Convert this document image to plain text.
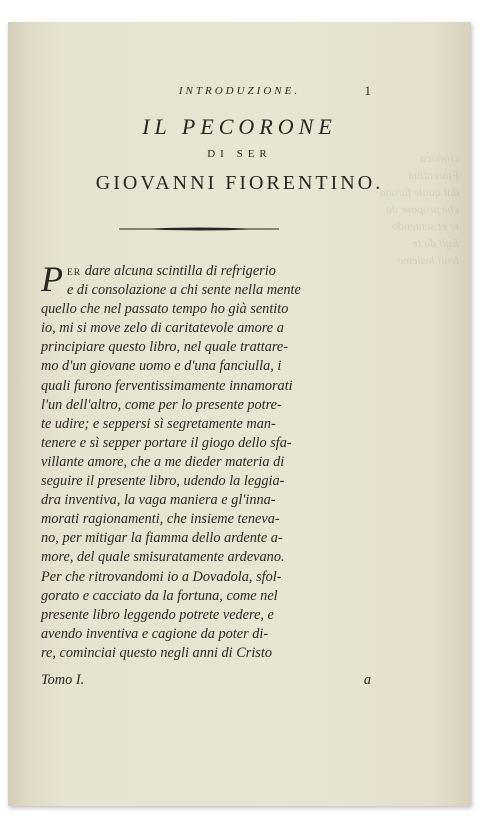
cronaca Fiorentina
dal quale furono
che propose da
re et sentendo
Egli da te
tenti insieme
INTRODUZIONE.	1
IL PECORONE
DI SER
GIOVANNI FIORENTINO.
P ER dare alcuna scintilla di refrigerio
e di consolazione a chi sente nella mente
quello che nel passato tempo ho già sentito
io, mi si move zelo di caritatevole amore a
principiare questo libro, nel quale trattare-
mo d'un giovane uomo e d'una fanciulla, i
quali furono ferventissimamente innamorati
l'un dell'altro, come per lo presente potre-
te udire; e seppersi sì segretamente man-
tenere e sì sepper portare il giogo dello sfa-
villante amore, che a me dieder materia di
seguire il presente libro, udendo la leggia-
dra inventiva, la vaga maniera e gl'inna-
morati ragionamenti, che insieme teneva-
no, per mitigar la fiamma dello ardente a-
more, del quale smisuratamente ardevano.
Per che ritrovandomi io a Dovadola, sfol-
gorato e cacciato da la fortuna, come nel
presente libro leggendo potrete vedere, e
avendo inventiva e cagione da poter di-
re, cominciai questo negli anni di Cristo
Tomo I.	a
